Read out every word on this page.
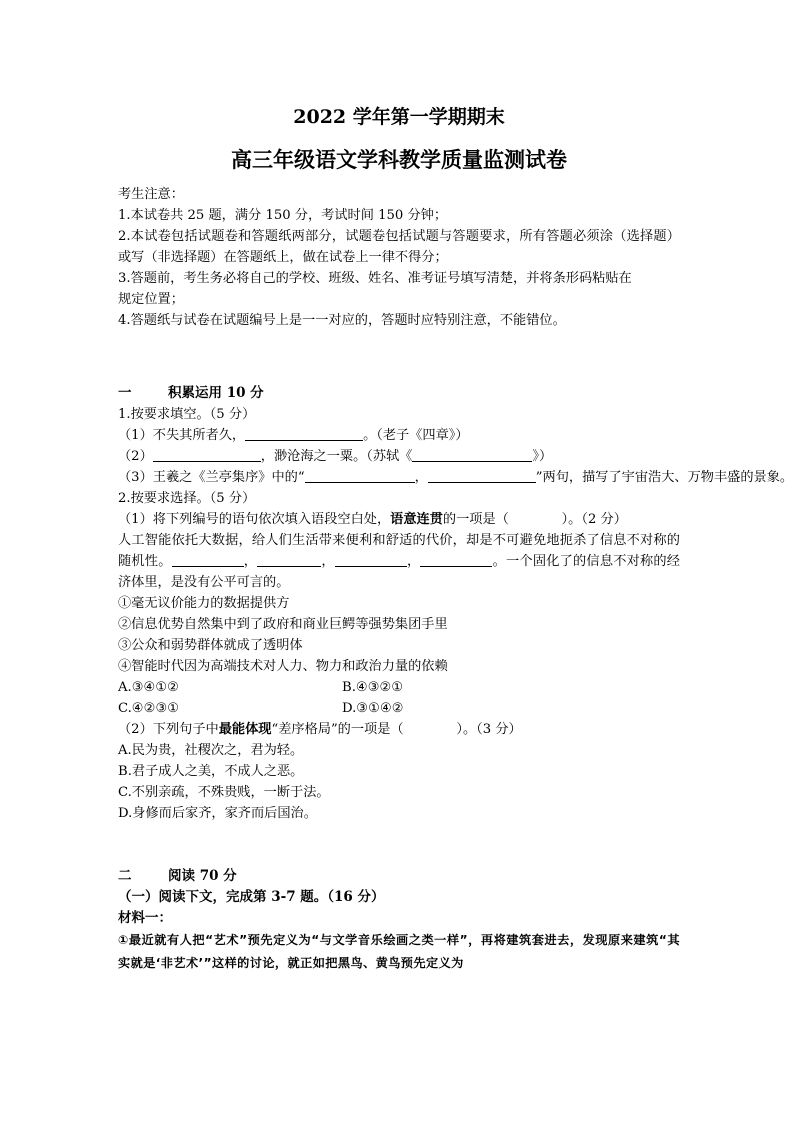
2022 学年第一学期期末

高三年级语文学科教学质量监测试卷

考生注意：

1.本试卷共 25 题，满分 150 分，考试时间 150 分钟；

2.本试卷包括试题卷和答题纸两部分，试题卷包括试题与答题要求，所有答题必须涂（选择题）或写（非选择题）在答题纸上，做在试卷上一律不得分；

3.答题前，考生务必将自己的学校、班级、姓名、准考证号填写清楚，并将条形码粘贴在

规定位置；

4.答题纸与试卷在试题编号上是一一对应的，答题时应特别注意，不能错位。

一	积累运用 10 分

1.按要求填空。（5 分）

（1）不失其所者久，	。（老子《四章》）

（2）	，渺沧海之一粟。（苏轼《	》）

（3）王羲之《兰亭集序》中的“	，	”两句，描写了宇宙浩大、万物丰盛的景象。

2.按要求选择。（5 分）

（1）将下列编号的语句依次填入语段空白处，语意连贯的一项是（　　　　）。（2 分）

人工智能依托大数据，给人们生活带来便利和舒适的代价，却是不可避免地扼杀了信息不对称的随机性。	，	，	，	。一个固化了的信息不对称的经济体里，是没有公平可言的。

①毫无议价能力的数据提供方

②信息优势自然集中到了政府和商业巨鳄等强势集团手里

③公众和弱势群体就成了透明体

④智能时代因为高端技术对人力、物力和政治力量的依赖

A.③④①②	B.④③②①

C.④②③①	D.③①④②

（2）下列句子中最能体现“差序格局”的一项是（　　　　）。（3 分）

A.民为贵，社稷次之，君为轻。

B.君子成人之美，不成人之恶。

C.不别亲疏，不殊贵贱，一断于法。

D.身修而后家齐，家齐而后国治。

二	阅读 70 分

（一）阅读下文，完成第 3-7 题。（16 分）

材料一：

①最近就有人把“艺术”预先定义为“与文学音乐绘画之类一样”，再将建筑套进去，发现原来建筑“其实就是‘非艺术’”这样的讨论，就正如把黑鸟、黄鸟预先定义为
